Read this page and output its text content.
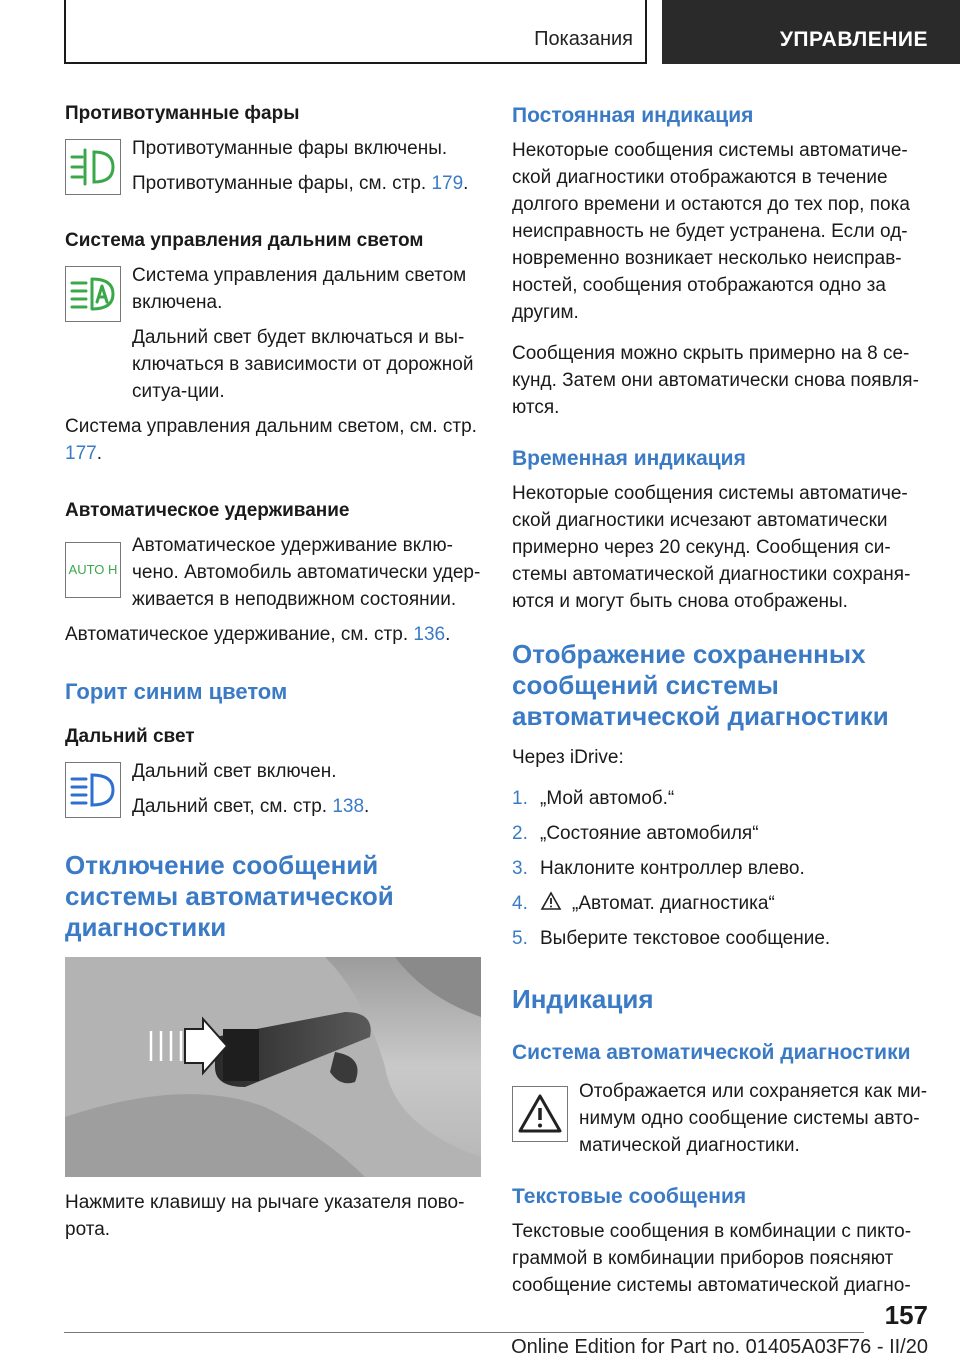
Показания	УПРАВЛЕНИЕ
Противотуманные фары

Противотуманные фары включены.

Противотуманные фары, см. стр. 179.

Система управления дальним светом

Система управления дальним светом включена.

Дальний свет будет включаться и вы-ключаться в зависимости от дорожной ситуа-ции.

Система управления дальним светом, см. стр. 177.

Автоматическое удерживание
AUTO H

Автоматическое удерживание вклю-чено. Автомобиль автоматически удер-живается в неподвижном состоянии.

Автоматическое удерживание, см. стр. 136.

Горит синим цветом
Дальний свет

Дальний свет включен.

Дальний свет, см. стр. 138.

Отключение сообщений системы автоматической диагностики

Нажмите клавишу на рычаге указателя пово-рота.

Постоянная индикация

Некоторые сообщения системы автоматиче-ской диагностики отображаются в течение долгого времени и остаются до тех пор, пока неисправность не будет устранена. Если од-новременно возникает несколько неисправ-ностей, сообщения отображаются одно за другим.

Сообщения можно скрыть примерно на 8 се-кунд. Затем они автоматически снова появля-ются.

Временная индикация

Некоторые сообщения системы автоматиче-ской диагностики исчезают автоматически примерно через 20 секунд. Сообщения си-стемы автоматической диагностики сохраня-ются и могут быть снова отображены.

Отображение сохраненных сообщений системы автоматической диагностики

Через iDrive:

1. „Мой автомоб.“
2. „Состояние автомобиля“
3. Наклоните контроллер влево.
4. „Автомат. диагностика“
5. Выберите текстовое сообщение.
Индикация
Система автоматической диагностики

Отображается или сохраняется как ми-нимум одно сообщение системы авто-матической диагностики.

Текстовые сообщения

Текстовые сообщения в комбинации с пикто-граммой в комбинации приборов поясняют сообщение системы автоматической диагно-

157
Online Edition for Part no. 01405A03F76 - II/20
